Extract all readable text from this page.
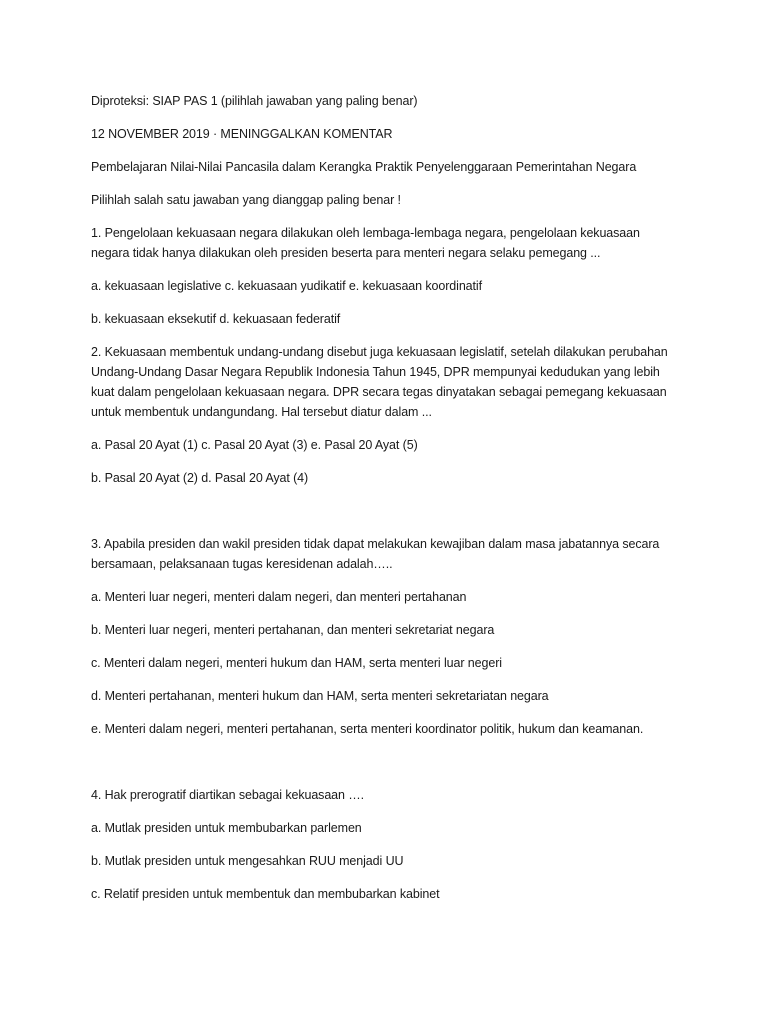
Diproteksi: SIAP PAS 1 (pilihlah jawaban yang paling benar)
12 NOVEMBER 2019 · MENINGGALKAN KOMENTAR
Pembelajaran Nilai-Nilai Pancasila dalam Kerangka Praktik Penyelenggaraan Pemerintahan Negara
Pilihlah salah satu jawaban yang dianggap paling benar !
1. Pengelolaan kekuasaan negara dilakukan oleh lembaga-lembaga negara, pengelolaan kekuasaan
negara tidak hanya dilakukan oleh presiden beserta para menteri negara selaku pemegang ...
a. kekuasaan legislative c. kekuasaan yudikatif e. kekuasaan koordinatif
b. kekuasaan eksekutif d. kekuasaan federatif
2. Kekuasaan membentuk undang-undang disebut juga kekuasaan legislatif, setelah dilakukan perubahan
Undang-Undang Dasar Negara Republik Indonesia Tahun 1945, DPR mempunyai kedudukan yang lebih
kuat dalam pengelolaan kekuasaan negara. DPR secara tegas dinyatakan sebagai pemegang kekuasaan
untuk membentuk undangundang. Hal tersebut diatur dalam ...
a. Pasal 20 Ayat (1) c. Pasal 20 Ayat (3) e. Pasal 20 Ayat (5)
b. Pasal 20 Ayat (2) d. Pasal 20 Ayat (4)
3. Apabila presiden dan wakil presiden tidak dapat melakukan kewajiban dalam masa jabatannya secara
bersamaan, pelaksanaan tugas keresidenan adalah…..
a. Menteri luar negeri, menteri dalam negeri, dan menteri pertahanan
b. Menteri luar negeri, menteri pertahanan, dan menteri sekretariat negara
c. Menteri dalam negeri, menteri hukum dan HAM, serta menteri luar negeri
d. Menteri pertahanan, menteri hukum dan HAM, serta menteri sekretariatan negara
e. Menteri dalam negeri, menteri pertahanan, serta menteri koordinator politik, hukum dan keamanan.
4. Hak prerogratif diartikan sebagai kekuasaan ….
a. Mutlak presiden untuk membubarkan parlemen
b. Mutlak presiden untuk mengesahkan RUU menjadi UU
c. Relatif presiden untuk membentuk dan membubarkan kabinet
